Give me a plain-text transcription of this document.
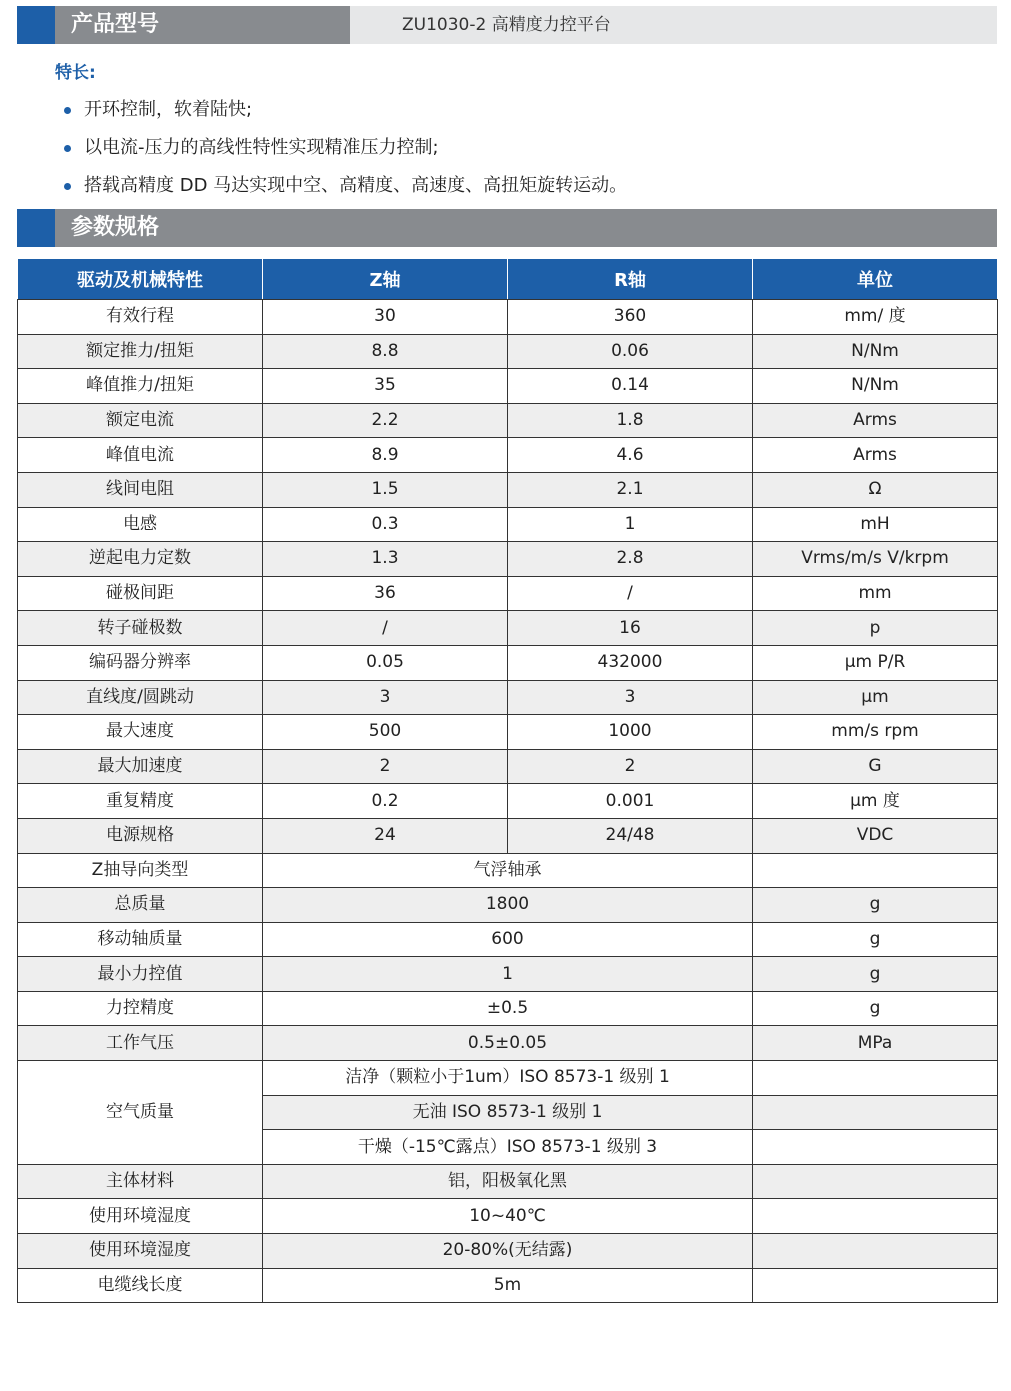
产品型号	ZU1030-2 高精度力控平台
特长:
开环控制，软着陆快;
以电流-压力的高线性特性实现精准压力控制;
搭载高精度 DD 马达实现中空、高精度、高速度、高扭矩旋转运动。
参数规格
驱动及机械特性	Z轴	R轴	单位
有效行程	30	360	mm/ 度
额定推力/扭矩	8.8	0.06	N/Nm
峰值推力/扭矩	35	0.14	N/Nm
额定电流	2.2	1.8	Arms
峰值电流	8.9	4.6	Arms
线间电阻	1.5	2.1	Ω
电感	0.3	1	mH
逆起电力定数	1.3	2.8	Vrms/m/s V/krpm
碰极间距	36	/	mm
转子碰极数	/	16	p
编码器分辨率	0.05	432000	μm P/R
直线度/圆跳动	3	3	μm
最大速度	500	1000	mm/s rpm
最大加速度	2	2	G
重复精度	0.2	0.001	μm 度
电源规格	24	24/48	VDC
Z抽导向类型	气浮轴承		
总质量	1800		g
移动轴质量	600		g
最小力控值	1		g
力控精度	±0.5		g
工作气压	0.5±0.05		MPa
空气质量	洁净（颗粒小于1um）ISO 8573-1 级别 1		
	无油 ISO 8573-1 级别 1		
	干燥（-15℃露点）ISO 8573-1 级别 3		
主体材料	铝，阳极氧化黑		
使用环境湿度	10~40℃		
使用环境湿度	20-80%(无结露)		
电缆线长度	5m		
